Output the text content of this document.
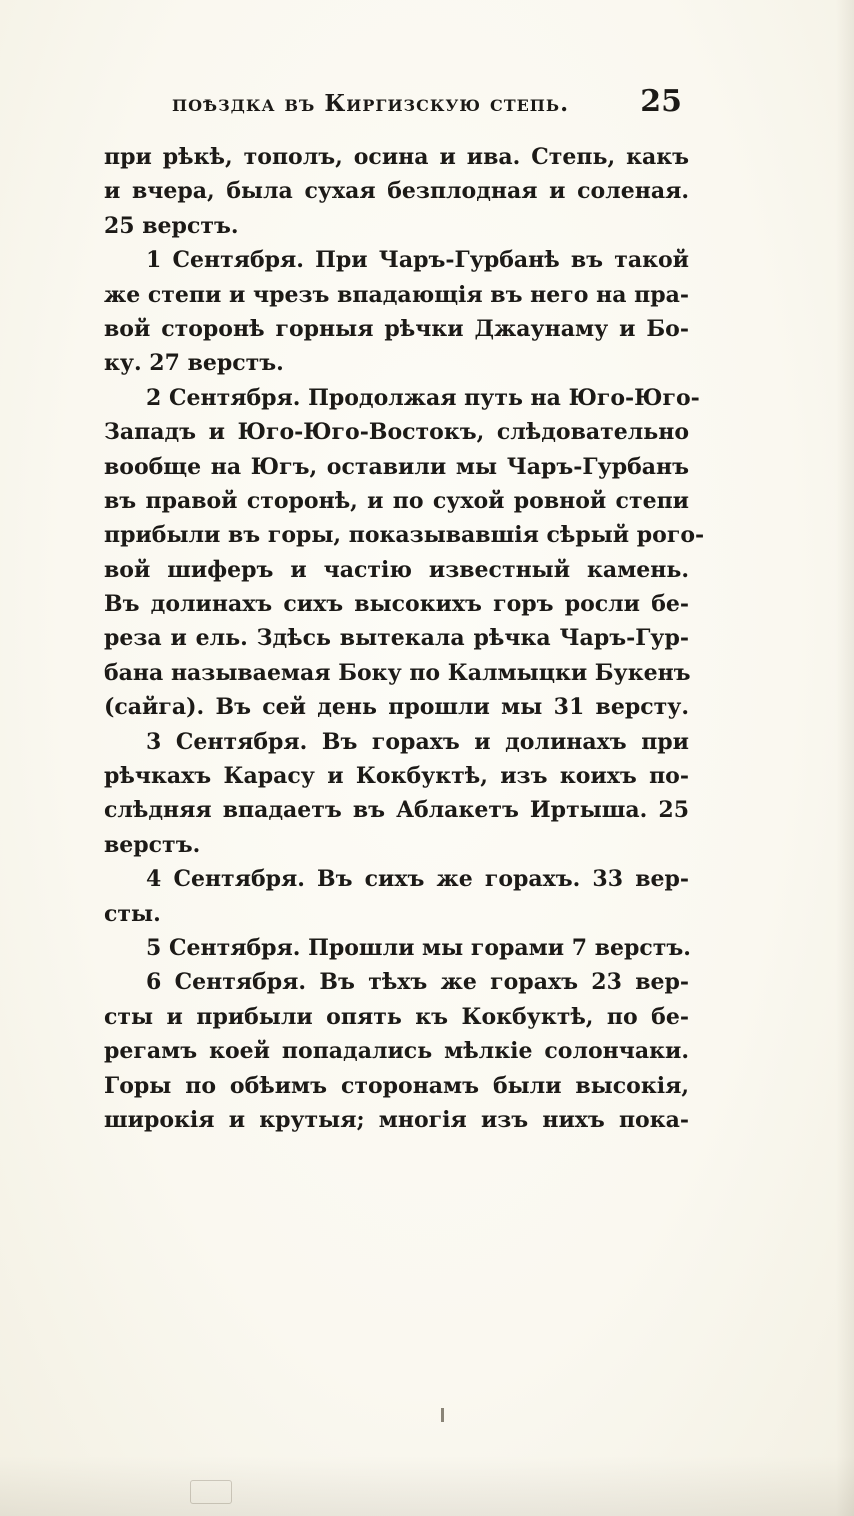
поѣздка въ Киргизскую степь. 25
при рѣкѣ, тополъ, осина и ива. Степь, какъ
и вчера, была сухая безплодная и соленая.
25 верстъ.
1 Сентября. При Чаръ-Гурбанѣ въ такой
же степи и чрезъ впадающія въ него на пра-
вой сторонѣ горныя рѣчки Джаунаму и Бо-
ку. 27 верстъ.
2 Сентября. Продолжая путь на Юго-Юго-
Западъ и Юго-Юго-Востокъ, слѣдовательно
вообще на Югъ, оставили мы Чаръ-Гурбанъ
въ правой сторонѣ, и по сухой ровной степи
прибыли въ горы, показывавшія сѣрый рого-
вой шиферъ и частію известный камень.
Въ долинахъ сихъ высокихъ горъ росли бе-
реза и ель. Здѣсь вытекала рѣчка Чаръ-Гур-
бана называемая Боку по Калмыцки Букенъ
(сайга). Въ сей день прошли мы 31 версту.
3 Сентября. Въ горахъ и долинахъ при
рѣчкахъ Карасу и Кокбуктѣ, изъ коихъ по-
слѣдняя впадаетъ въ Аблакетъ Иртыша. 25
верстъ.
4 Сентября. Въ сихъ же горахъ. 33 вер-
сты.
5 Сентября. Прошли мы горами 7 верстъ.
6 Сентября. Въ тѣхъ же горахъ 23 вер-
сты и прибыли опять къ Кокбуктѣ, по бе-
регамъ коей попадались мѣлкіе солончаки.
Горы по обѣимъ сторонамъ были высокія,
широкія и крутыя; многія изъ нихъ пока-
